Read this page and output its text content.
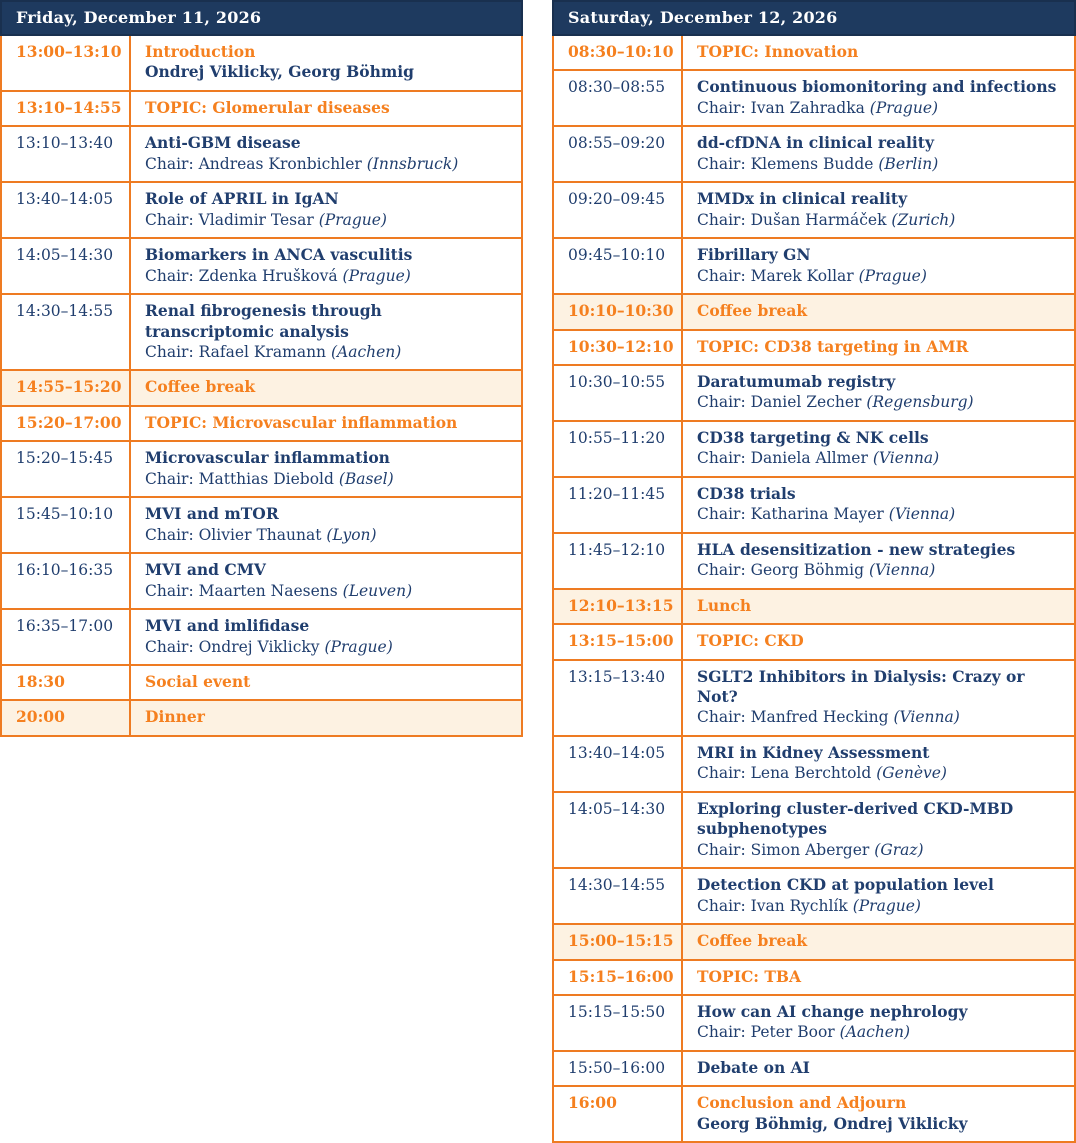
Friday, December 11, 2026
13:00–13:10	Introduction
Ondrej Viklicky, Georg Böhmig
13:10–14:55	TOPIC: Glomerular diseases
13:10–13:40	Anti-GBM disease
Chair: Andreas Kronbichler (Innsbruck)
13:40–14:05	Role of APRIL in IgAN
Chair: Vladimir Tesar (Prague)
14:05–14:30	Biomarkers in ANCA vasculitis
Chair: Zdenka Hrušková (Prague)
14:30–14:55	Renal fibrogenesis through transcriptomic analysis
Chair: Rafael Kramann (Aachen)
14:55–15:20	Coffee break
15:20–17:00	TOPIC: Microvascular inflammation
15:20–15:45	Microvascular inflammation
Chair: Matthias Diebold (Basel)
15:45–10:10	MVI and mTOR
Chair: Olivier Thaunat (Lyon)
16:10–16:35	MVI and CMV
Chair: Maarten Naesens (Leuven)
16:35–17:00	MVI and imlifidase
Chair: Ondrej Viklicky (Prague)
18:30	Social event
20:00	Dinner
Saturday, December 12, 2026
08:30–10:10	TOPIC: Innovation
08:30–08:55	Continuous biomonitoring and infections
Chair: Ivan Zahradka (Prague)
08:55–09:20	dd-cfDNA in clinical reality
Chair: Klemens Budde (Berlin)
09:20–09:45	MMDx in clinical reality
Chair: Dušan Harmáček (Zurich)
09:45–10:10	Fibrillary GN
Chair: Marek Kollar (Prague)
10:10–10:30	Coffee break
10:30–12:10	TOPIC: CD38 targeting in AMR
10:30–10:55	Daratumumab registry
Chair: Daniel Zecher (Regensburg)
10:55–11:20	CD38 targeting & NK cells
Chair: Daniela Allmer (Vienna)
11:20–11:45	CD38 trials
Chair: Katharina Mayer (Vienna)
11:45–12:10	HLA desensitization - new strategies
Chair: Georg Böhmig (Vienna)
12:10–13:15	Lunch
13:15–15:00	TOPIC: CKD
13:15–13:40	SGLT2 Inhibitors in Dialysis: Crazy or Not?
Chair: Manfred Hecking (Vienna)
13:40–14:05	MRI in Kidney Assessment
Chair: Lena Berchtold (Genève)
14:05–14:30	Exploring cluster-derived CKD-MBD subphenotypes
Chair: Simon Aberger (Graz)
14:30–14:55	Detection CKD at population level
Chair: Ivan Rychlík (Prague)
15:00–15:15	Coffee break
15:15–16:00	TOPIC: TBA
15:15–15:50	How can AI change nephrology
Chair: Peter Boor (Aachen)
15:50–16:00	Debate on AI
16:00	Conclusion and Adjourn
Georg Böhmig, Ondrej Viklicky
